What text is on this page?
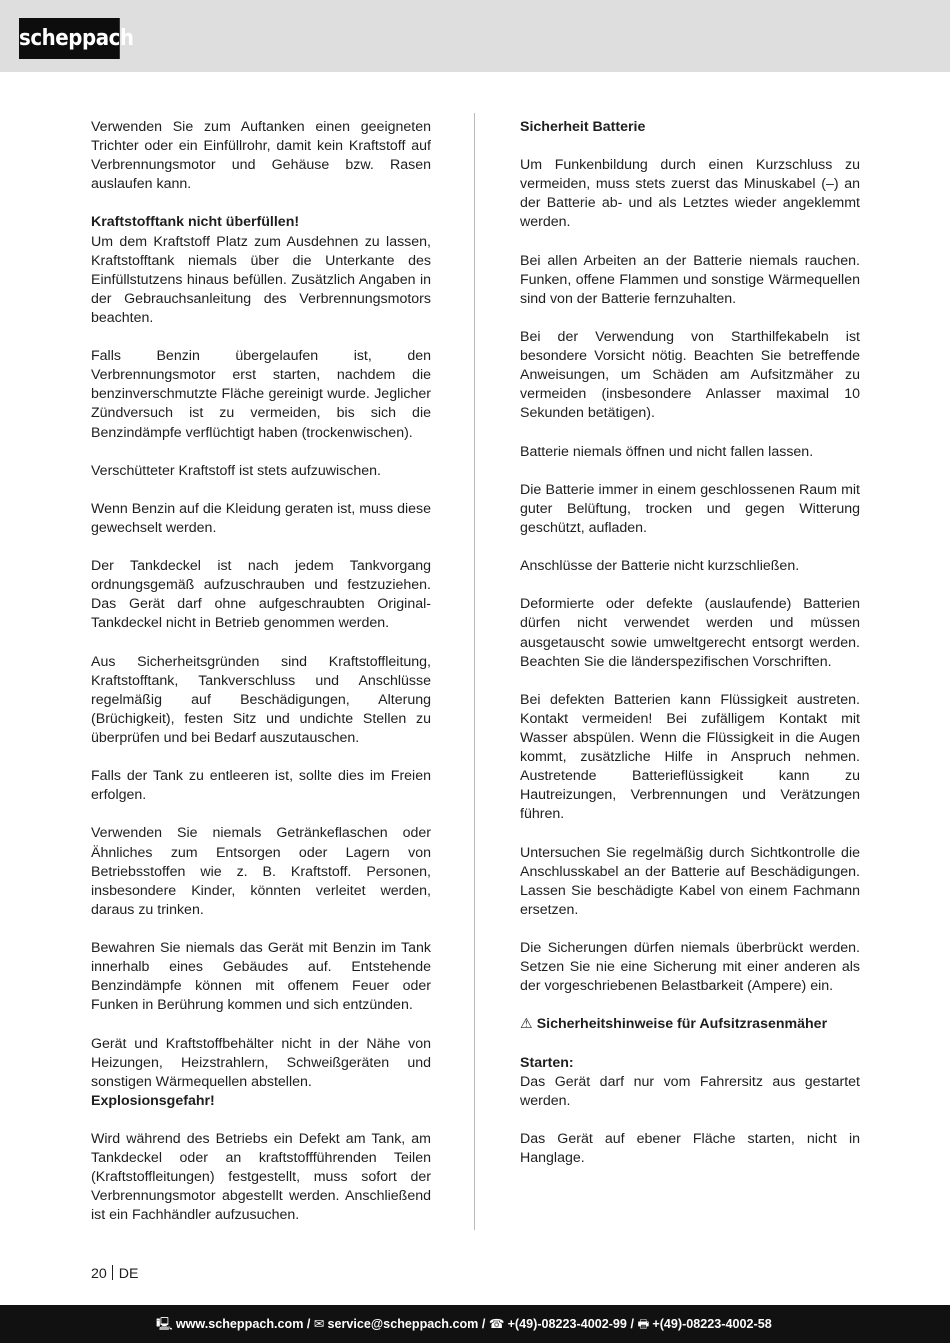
scheppach

Verwenden Sie zum Auftanken einen geeigneten Trichter oder ein Einfüllrohr, damit kein Kraftstoff auf Verbrennungsmotor und Gehäuse bzw. Rasen auslaufen kann.

Kraftstofftank nicht überfüllen!

Um dem Kraftstoff Platz zum Ausdehnen zu lassen, Kraftstofftank niemals über die Unterkante des Einfüllstutzens hinaus befüllen. Zusätzlich Angaben in der Gebrauchsanleitung des Verbrennungsmotors beachten.

Falls Benzin übergelaufen ist, den Verbrennungsmotor erst starten, nachdem die benzinverschmutzte Fläche gereinigt wurde. Jeglicher Zündversuch ist zu vermeiden, bis sich die Benzindämpfe verflüchtigt haben (trockenwischen).

Verschütteter Kraftstoff ist stets aufzuwischen.

Wenn Benzin auf die Kleidung geraten ist, muss diese gewechselt werden.

Der Tankdeckel ist nach jedem Tankvorgang ordnungsgemäß aufzuschrauben und festzuziehen. Das Gerät darf ohne aufgeschraubten Original- Tankdeckel nicht in Betrieb genommen werden.

Aus Sicherheitsgründen sind Kraftstoffleitung, Kraftstofftank, Tankverschluss und Anschlüsse regelmäßig auf Beschädigungen, Alterung (Brüchigkeit), festen Sitz und undichte Stellen zu überprüfen und bei Bedarf auszutauschen.

Falls der Tank zu entleeren ist, sollte dies im Freien erfolgen.

Verwenden Sie niemals Getränkeflaschen oder Ähnliches zum Entsorgen oder Lagern von Betriebsstoffen wie z. B. Kraftstoff. Personen, insbesondere Kinder, könnten verleitet werden, daraus zu trinken.

Bewahren Sie niemals das Gerät mit Benzin im Tank innerhalb eines Gebäudes auf. Entstehende Benzindämpfe können mit offenem Feuer oder Funken in Berührung kommen und sich entzünden.

Gerät und Kraftstoffbehälter nicht in der Nähe von Heizungen, Heizstrahlern, Schweißgeräten und sonstigen Wärmequellen abstellen.

Explosionsgefahr!

Wird während des Betriebs ein Defekt am Tank, am Tankdeckel oder an kraftstoffführenden Teilen (Kraftstoffleitungen) festgestellt, muss sofort der Verbrennungsmotor abgestellt werden. Anschließend ist ein Fachhändler aufzusuchen.

Sicherheit Batterie

Um Funkenbildung durch einen Kurzschluss zu vermeiden, muss stets zuerst das Minuskabel (–) an der Batterie ab- und als Letztes wieder angeklemmt werden.

Bei allen Arbeiten an der Batterie niemals rauchen. Funken, offene Flammen und sonstige Wärmequellen sind von der Batterie fernzuhalten.

Bei der Verwendung von Starthilfekabeln ist besondere Vorsicht nötig. Beachten Sie betreffende Anweisungen, um Schäden am Aufsitzmäher zu vermeiden (insbesondere Anlasser maximal 10 Sekunden betätigen).

Batterie niemals öffnen und nicht fallen lassen.

Die Batterie immer in einem geschlossenen Raum mit guter Belüftung, trocken und gegen Witterung geschützt, aufladen.

Anschlüsse der Batterie nicht kurzschließen.

Deformierte oder defekte (auslaufende) Batterien dürfen nicht verwendet werden und müssen ausgetauscht sowie umweltgerecht entsorgt werden. Beachten Sie die länderspezifischen Vorschriften.

Bei defekten Batterien kann Flüssigkeit austreten. Kontakt vermeiden! Bei zufälligem Kontakt mit Wasser abspülen. Wenn die Flüssigkeit in die Augen kommt, zusätzliche Hilfe in Anspruch nehmen. Austretende Batterieflüssigkeit kann zu Hautreizungen, Verbrennungen und Verätzungen führen.

Untersuchen Sie regelmäßig durch Sichtkontrolle die Anschlusskabel an der Batterie auf Beschädigungen. Lassen Sie beschädigte Kabel von einem Fachmann ersetzen.

Die Sicherungen dürfen niemals überbrückt werden. Setzen Sie nie eine Sicherung mit einer anderen als der vorgeschriebenen Belastbarkeit (Ampere) ein.

⚠ Sicherheitshinweise für Aufsitzrasenmäher

Starten:

Das Gerät darf nur vom Fahrersitz aus gestartet werden.

Das Gerät auf ebener Fläche starten, nicht in Hanglage.

20 DE
🖳 www.scheppach.com / ✉ service@scheppach.com / ☎ +(49)-08223-4002-99 / 🖶 +(49)-08223-4002-58
